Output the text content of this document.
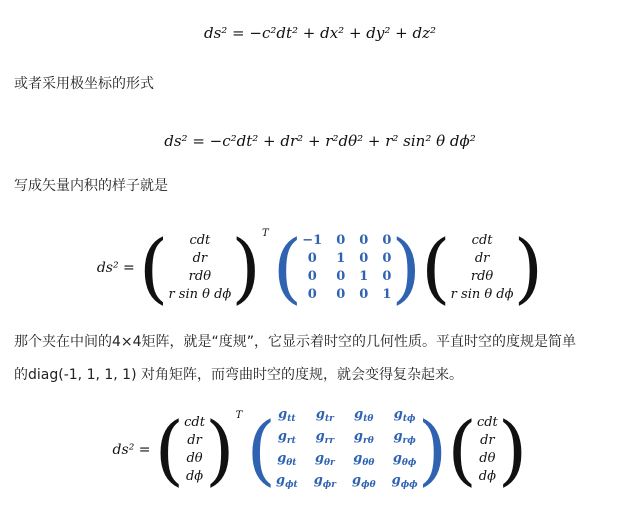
ds² = −c²dt² + dx² + dy² + dz²
或者采用极坐标的形式
ds² = −c²dt² + dr² + r²dθ² + r² sin² θ dϕ²
写成矢量内积的样子就是
ds² = ( cdt
dr
rdθ
r sin θ dϕ ) T ( −1 0 0 0
0	1 0 0
0	0 1 0
0	0 0 1 ) ( cdt
dr
rdθ
r sin θ dϕ )
那个夹在中间的4×4矩阵，就是“度规”，它显示着时空的几何性质。平直时空的度规是简单
的diag(-1, 1, 1, 1) 对角矩阵，而弯曲时空的度规，就会变得复杂起来。
ds² = ( cdt
dr
dθ
dϕ ) T ( $g_{tt}$ $g_{tr}$ $g_{t\theta}$ $g_{t\phi}$
$g_{rt}$ $g_{rr}$ $g_{r\theta}$ $g_{r\phi}$
$g_{\theta t}$ $g_{\theta r}$ $g_{\theta\theta}$ $g_{\theta\phi}$
$g_{\phi t}$ $g_{\phi r}$ $g_{\phi\theta}$ $g_{\phi\phi}$ ) ( cdt
dr
dθ
dϕ )
